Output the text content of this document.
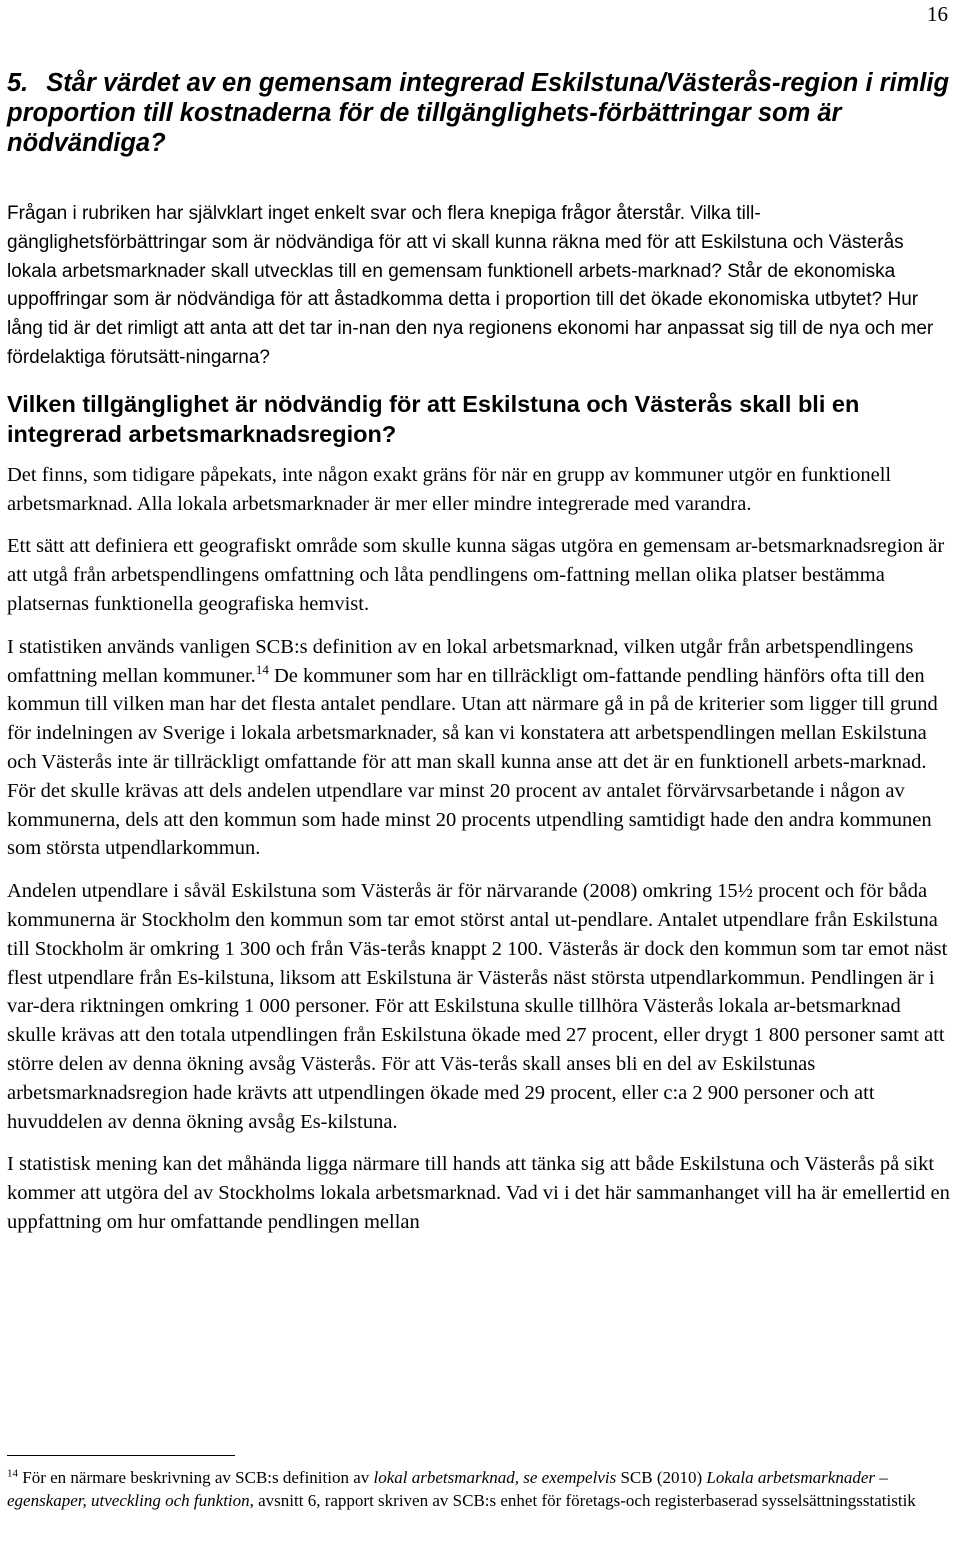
16
5. Står värdet av en gemensam integrerad Eskilstuna/Västerås-region i rimlig proportion till kostnaderna för de tillgänglighets-förbättringar som är nödvändiga?

Frågan i rubriken har självklart inget enkelt svar och flera knepiga frågor återstår. Vilka till-gänglighetsförbättringar som är nödvändiga för att vi skall kunna räkna med för att Eskilstuna och Västerås lokala arbetsmarknader skall utvecklas till en gemensam funktionell arbets-marknad? Står de ekonomiska uppoffringar som är nödvändiga för att åstadkomma detta i proportion till det ökade ekonomiska utbytet? Hur lång tid är det rimligt att anta att det tar in-nan den nya regionens ekonomi har anpassat sig till de nya och mer fördelaktiga förutsätt-ningarna?

Vilken tillgänglighet är nödvändig för att Eskilstuna och Västerås skall bli en integrerad arbetsmarknadsregion?

Det finns, som tidigare påpekats, inte någon exakt gräns för när en grupp av kommuner utgör en funktionell arbetsmarknad. Alla lokala arbetsmarknader är mer eller mindre integrerade med varandra.

Ett sätt att definiera ett geografiskt område som skulle kunna sägas utgöra en gemensam ar-betsmarknadsregion är att utgå från arbetspendlingens omfattning och låta pendlingens om-fattning mellan olika platser bestämma platsernas funktionella geografiska hemvist.

I statistiken används vanligen SCB:s definition av en lokal arbetsmarknad, vilken utgår från arbetspendlingens omfattning mellan kommuner.$^{14}$ De kommuner som har en tillräckligt om-fattande pendling hänförs ofta till den kommun till vilken man har det flesta antalet pendlare. Utan att närmare gå in på de kriterier som ligger till grund för indelningen av Sverige i lokala arbetsmarknader, så kan vi konstatera att arbetspendlingen mellan Eskilstuna och Västerås inte är tillräckligt omfattande för att man skall kunna anse att det är en funktionell arbets-marknad. För det skulle krävas att dels andelen utpendlare var minst 20 procent av antalet förvärvsarbetande i någon av kommunerna, dels att den kommun som hade minst 20 procents utpendling samtidigt hade den andra kommunen som största utpendlarkommun.

Andelen utpendlare i såväl Eskilstuna som Västerås är för närvarande (2008) omkring 15½ procent och för båda kommunerna är Stockholm den kommun som tar emot störst antal ut-pendlare. Antalet utpendlare från Eskilstuna till Stockholm är omkring 1 300 och från Väs-terås knappt 2 100. Västerås är dock den kommun som tar emot näst flest utpendlare från Es-kilstuna, liksom att Eskilstuna är Västerås näst största utpendlarkommun. Pendlingen är i var-dera riktningen omkring 1 000 personer. För att Eskilstuna skulle tillhöra Västerås lokala ar-betsmarknad skulle krävas att den totala utpendlingen från Eskilstuna ökade med 27 procent, eller drygt 1 800 personer samt att större delen av denna ökning avsåg Västerås. För att Väs-terås skall anses bli en del av Eskilstunas arbetsmarknadsregion hade krävts att utpendlingen ökade med 29 procent, eller c:a 2 900 personer och att huvuddelen av denna ökning avsåg Es-kilstuna.

I statistisk mening kan det måhända ligga närmare till hands att tänka sig att både Eskilstuna och Västerås på sikt kommer att utgöra del av Stockholms lokala arbetsmarknad. Vad vi i det här sammanhanget vill ha är emellertid en uppfattning om hur omfattande pendlingen mellan

$^{14}$ För en närmare beskrivning av SCB:s definition av lokal arbetsmarknad, se exempelvis SCB (2010) Lokala arbetsmarknader – egenskaper, utveckling och funktion, avsnitt 6, rapport skriven av SCB:s enhet för företags-och registerbaserad sysselsättningsstatistik
